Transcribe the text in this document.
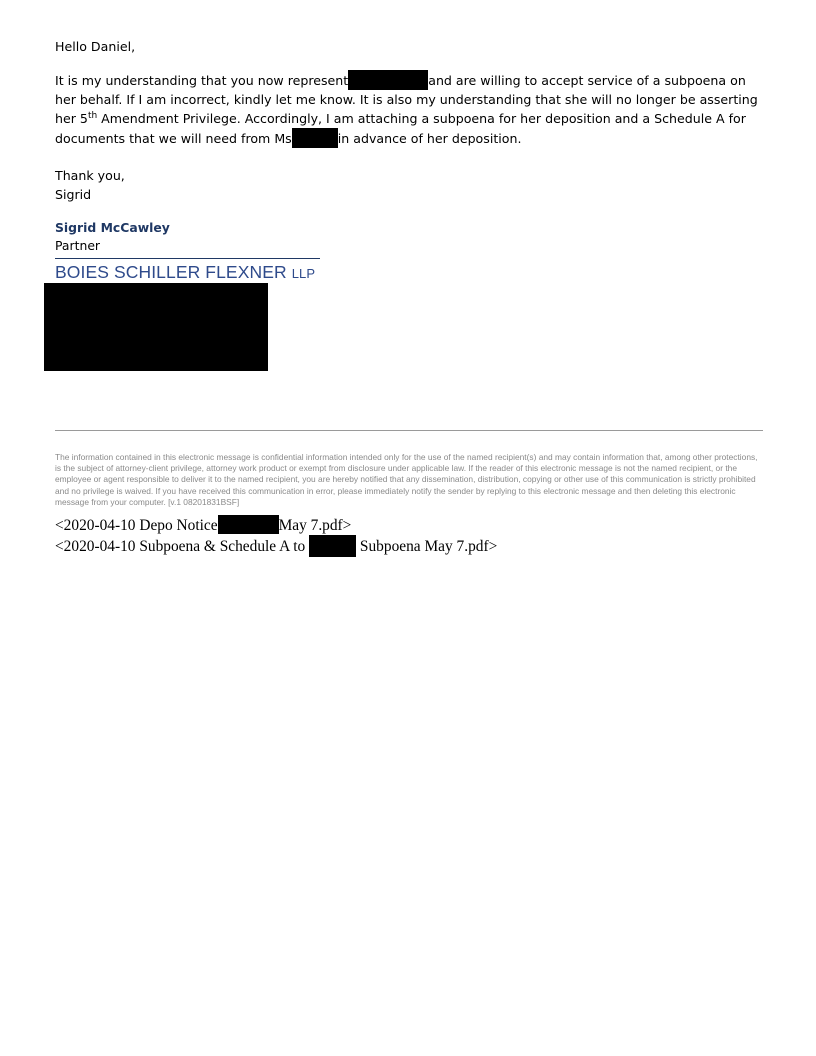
Hello Daniel,
It is my understanding that you now represent	and are willing to accept service of a subpoena on her behalf. If I am incorrect, kindly let me know. It is also my understanding that she will no longer be asserting her 5th Amendment Privilege. Accordingly, I am attaching a subpoena for her deposition and a Schedule A for documents that we will need from Ms	in advance of her deposition.
Thank you,
Sigrid
Sigrid McCawley
Partner
BOIES SCHILLER FLEXNER LLP
The information contained in this electronic message is confidential information intended only for the use of the named recipient(s) and may contain information that, among other protections, is the subject of attorney-client privilege, attorney work product or exempt from disclosure under applicable law. If the reader of this electronic message is not the named recipient, or the employee or agent responsible to deliver it to the named recipient, you are hereby notified that any dissemination, distribution, copying or other use of this communication is strictly prohibited and no privilege is waived. If you have received this communication in error, please immediately notify the sender by replying to this electronic message and then deleting this electronic message from your computer. [v.1 08201831BSF]
<2020-04-10 Depo Notice	May 7.pdf>
<2020-04-10 Subpoena & Schedule A to	Subpoena May 7.pdf>
